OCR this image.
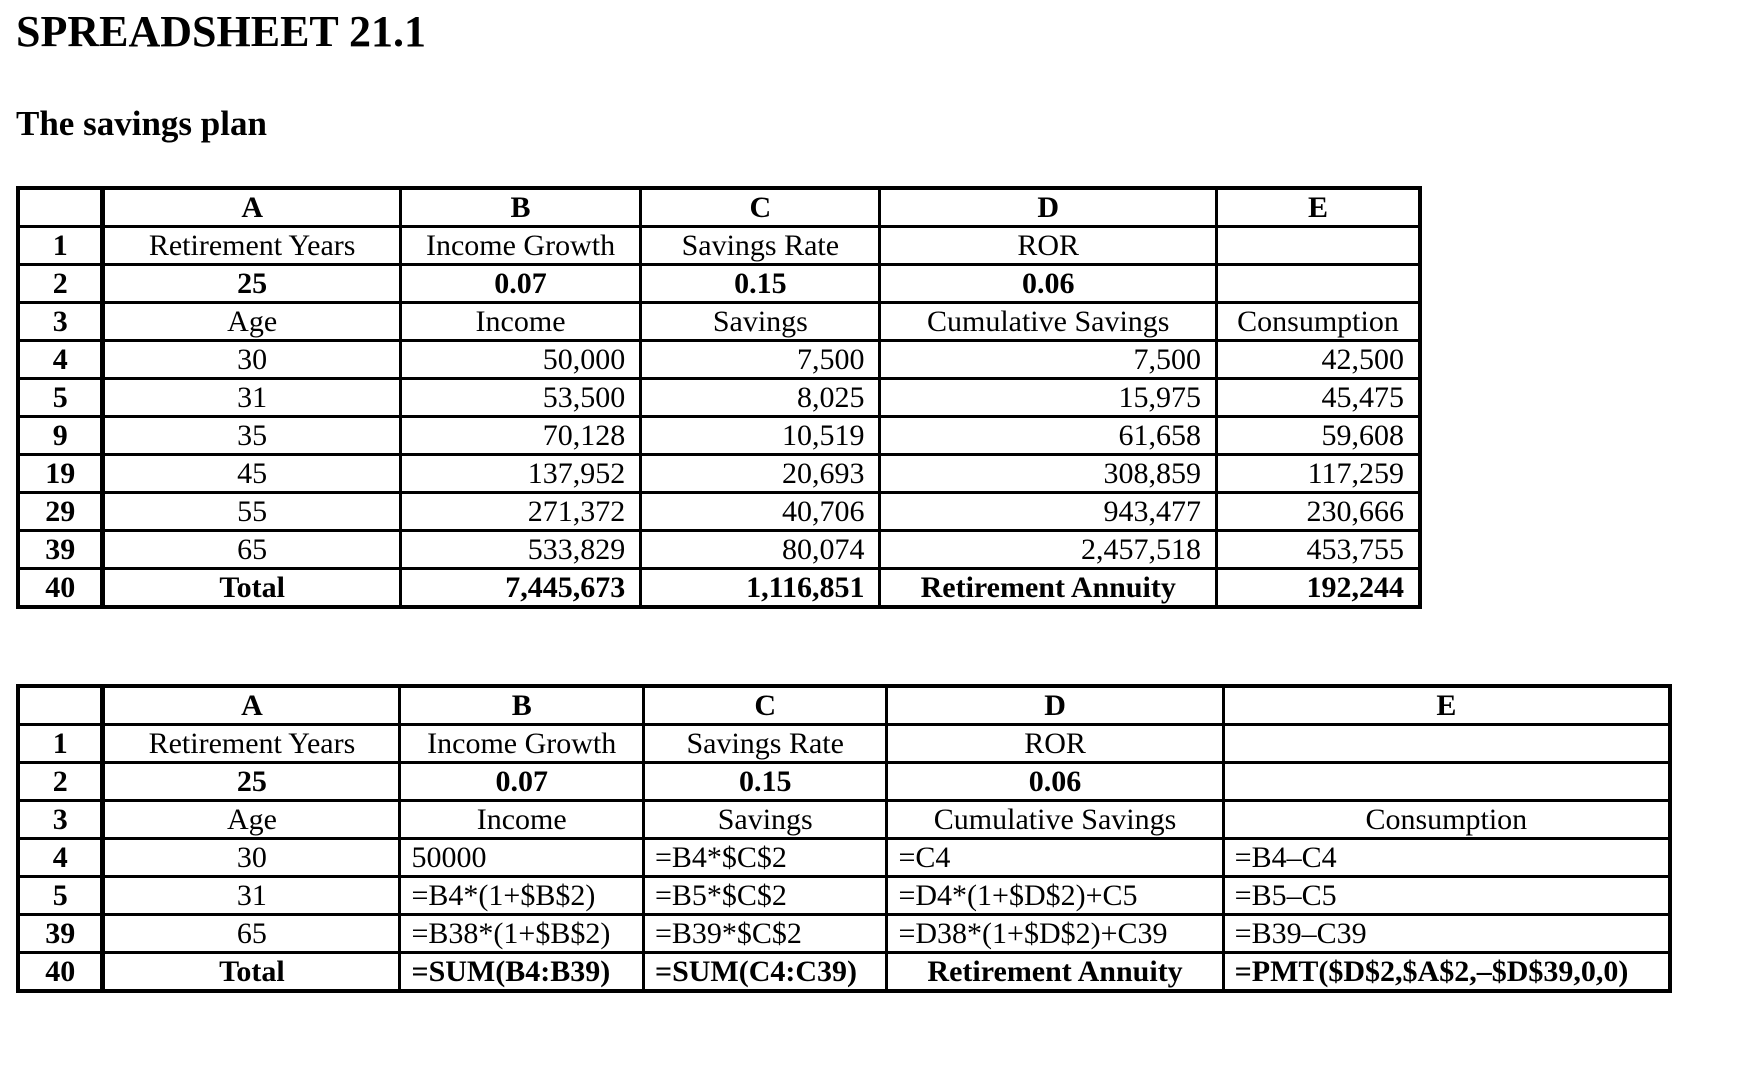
SPREADSHEET 21.1
The savings plan
	A	B	C	D	E
1	Retirement Years	Income Growth	Savings Rate	ROR	
2	25	0.07	0.15	0.06	
3	Age	Income	Savings	Cumulative Savings	Consumption
4	30	50,000	7,500	7,500	42,500
5	31	53,500	8,025	15,975	45,475
9	35	70,128	10,519	61,658	59,608
19	45	137,952	20,693	308,859	117,259
29	55	271,372	40,706	943,477	230,666
39	65	533,829	80,074	2,457,518	453,755
40	Total	7,445,673	1,116,851	Retirement Annuity	192,244
	A	B	C	D	E
1	Retirement Years	Income Growth	Savings Rate	ROR	
2	25	0.07	0.15	0.06	
3	Age	Income	Savings	Cumulative Savings	Consumption
4	30	50000	=B4*$C$2	=C4	=B4–C4
5	31	=B4*(1+$B$2)	=B5*$C$2	=D4*(1+$D$2)+C5	=B5–C5
39	65	=B38*(1+$B$2)	=B39*$C$2	=D38*(1+$D$2)+C39	=B39–C39
40	Total	=SUM(B4:B39)	=SUM(C4:C39)	Retirement Annuity	=PMT($D$2,$A$2,–$D$39,0,0)
